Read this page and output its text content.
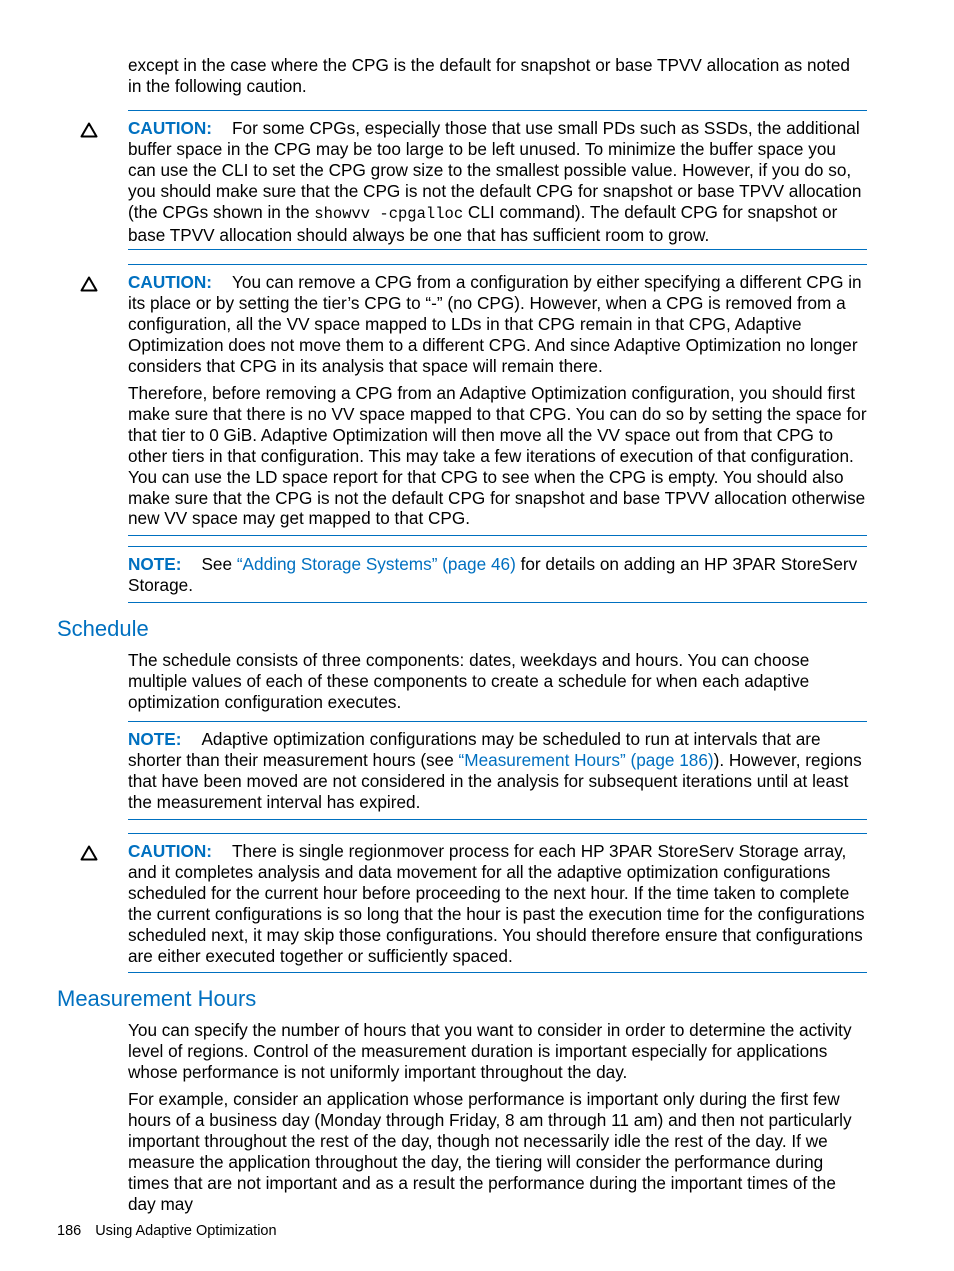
except in the case where the CPG is the default for snapshot or base TPVV allocation as noted in the following caution.

CAUTION: For some CPGs, especially those that use small PDs such as SSDs, the additional buffer space in the CPG may be too large to be left unused. To minimize the buffer space you can use the CLI to set the CPG grow size to the smallest possible value. However, if you do so, you should make sure that the CPG is not the default CPG for snapshot or base TPVV allocation (the CPGs shown in the showvv -cpgalloc CLI command). The default CPG for snapshot or base TPVV allocation should always be one that has sufficient room to grow.

CAUTION: You can remove a CPG from a configuration by either specifying a different CPG in its place or by setting the tier’s CPG to “-” (no CPG). However, when a CPG is removed from a configuration, all the VV space mapped to LDs in that CPG remain in that CPG, Adaptive Optimization does not move them to a different CPG. And since Adaptive Optimization no longer considers that CPG in its analysis that space will remain there.

Therefore, before removing a CPG from an Adaptive Optimization configuration, you should first make sure that there is no VV space mapped to that CPG. You can do so by setting the space for that tier to 0 GiB. Adaptive Optimization will then move all the VV space out from that CPG to other tiers in that configuration. This may take a few iterations of execution of that configuration. You can use the LD space report for that CPG to see when the CPG is empty. You should also make sure that the CPG is not the default CPG for snapshot and base TPVV allocation otherwise new VV space may get mapped to that CPG.

NOTE: See “Adding Storage Systems” (page 46) for details on adding an HP 3PAR StoreServ Storage.

Schedule

The schedule consists of three components: dates, weekdays and hours. You can choose multiple values of each of these components to create a schedule for when each adaptive optimization configuration executes.

NOTE: Adaptive optimization configurations may be scheduled to run at intervals that are shorter than their measurement hours (see “Measurement Hours” (page 186)). However, regions that have been moved are not considered in the analysis for subsequent iterations until at least the measurement interval has expired.

CAUTION: There is single regionmover process for each HP 3PAR StoreServ Storage array, and it completes analysis and data movement for all the adaptive optimization configurations scheduled for the current hour before proceeding to the next hour. If the time taken to complete the current configurations is so long that the hour is past the execution time for the configurations scheduled next, it may skip those configurations. You should therefore ensure that configurations are either executed together or sufficiently spaced.

Measurement Hours

You can specify the number of hours that you want to consider in order to determine the activity level of regions. Control of the measurement duration is important especially for applications whose performance is not uniformly important throughout the day.

For example, consider an application whose performance is important only during the first few hours of a business day (Monday through Friday, 8 am through 11 am) and then not particularly important throughout the rest of the day, though not necessarily idle the rest of the day. If we measure the application throughout the day, the tiering will consider the performance during times that are not important and as a result the performance during the important times of the day may

186 Using Adaptive Optimization
